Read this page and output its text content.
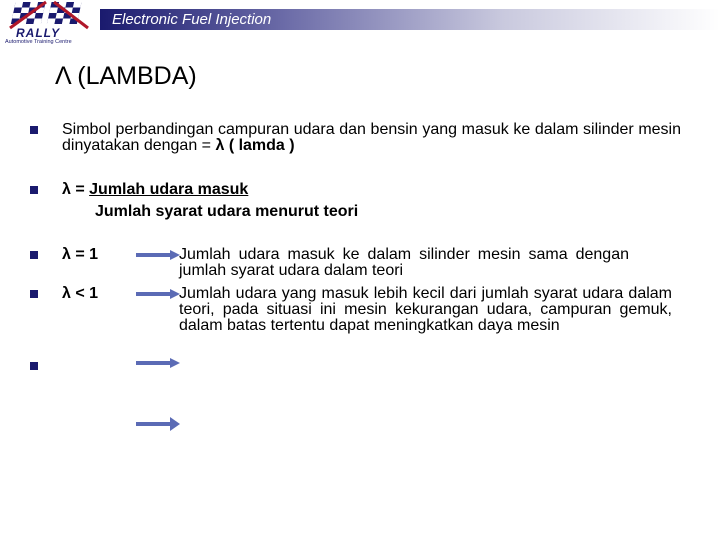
Electronic Fuel Injection
RALLY
Automotive Training Centre
Λ (LAMBDA)
Simbol perbandingan campuran udara dan bensin yang masuk ke dalam silinder mesin dinyatakan dengan = λ ( lamda )
λ = Jumlah udara masuk
Jumlah syarat udara menurut teori
λ = 1	Jumlah udara masuk ke dalam silinder mesin sama dengan jumlah syarat udara dalam teori
λ < 1	Jumlah udara yang masuk lebih kecil dari jumlah syarat udara dalam teori, pada situasi ini mesin kekurangan udara, campuran gemuk, dalam batas tertentu dapat meningkatkan daya mesin
